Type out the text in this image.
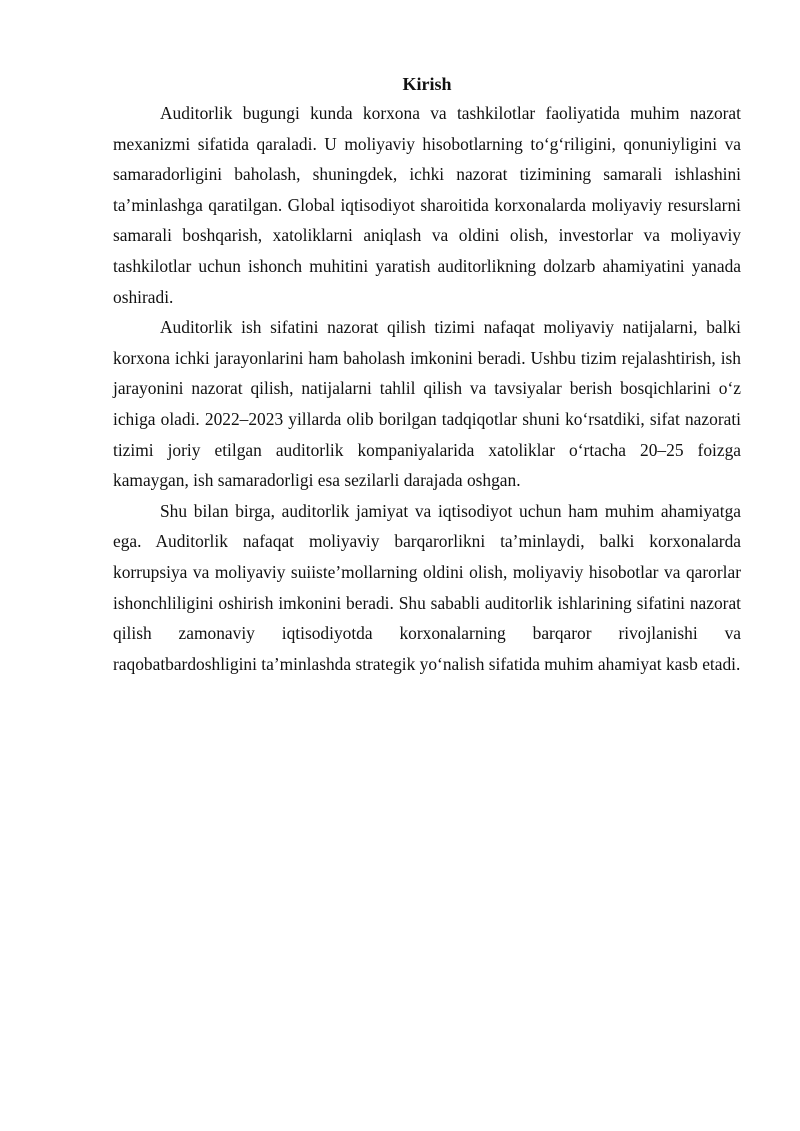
Kirish

Auditorlik bugungi kunda korxona va tashkilotlar faoliyatida muhim nazorat mexanizmi sifatida qaraladi. U moliyaviy hisobotlarning to‘g‘riligini, qonuniyligini va samaradorligini baholash, shuningdek, ichki nazorat tizimining samarali ishlashini ta’minlashga qaratilgan. Global iqtisodiyot sharoitida korxonalarda moliyaviy resurslarni samarali boshqarish, xatoliklarni aniqlash va oldini olish, investorlar va moliyaviy tashkilotlar uchun ishonch muhitini yaratish auditorlikning dolzarb ahamiyatini yanada oshiradi.

Auditorlik ish sifatini nazorat qilish tizimi nafaqat moliyaviy natijalarni, balki korxona ichki jarayonlarini ham baholash imkonini beradi. Ushbu tizim rejalashtirish, ish jarayonini nazorat qilish, natijalarni tahlil qilish va tavsiyalar berish bosqichlarini o‘z ichiga oladi. 2022–2023 yillarda olib borilgan tadqiqotlar shuni ko‘rsatdiki, sifat nazorati tizimi joriy etilgan auditorlik kompaniyalarida xatoliklar o‘rtacha 20–25 foizga kamaygan, ish samaradorligi esa sezilarli darajada oshgan.

Shu bilan birga, auditorlik jamiyat va iqtisodiyot uchun ham muhim ahamiyatga ega. Auditorlik nafaqat moliyaviy barqarorlikni ta’minlaydi, balki korxonalarda korrupsiya va moliyaviy suiiste’mollarning oldini olish, moliyaviy hisobotlar va qarorlar ishonchliligini oshirish imkonini beradi. Shu sababli auditorlik ishlarining sifatini nazorat qilish zamonaviy iqtisodiyotda korxonalarning barqaror rivojlanishi va raqobatbardoshligini ta’minlashda strategik yo‘nalish sifatida muhim ahamiyat kasb etadi.
